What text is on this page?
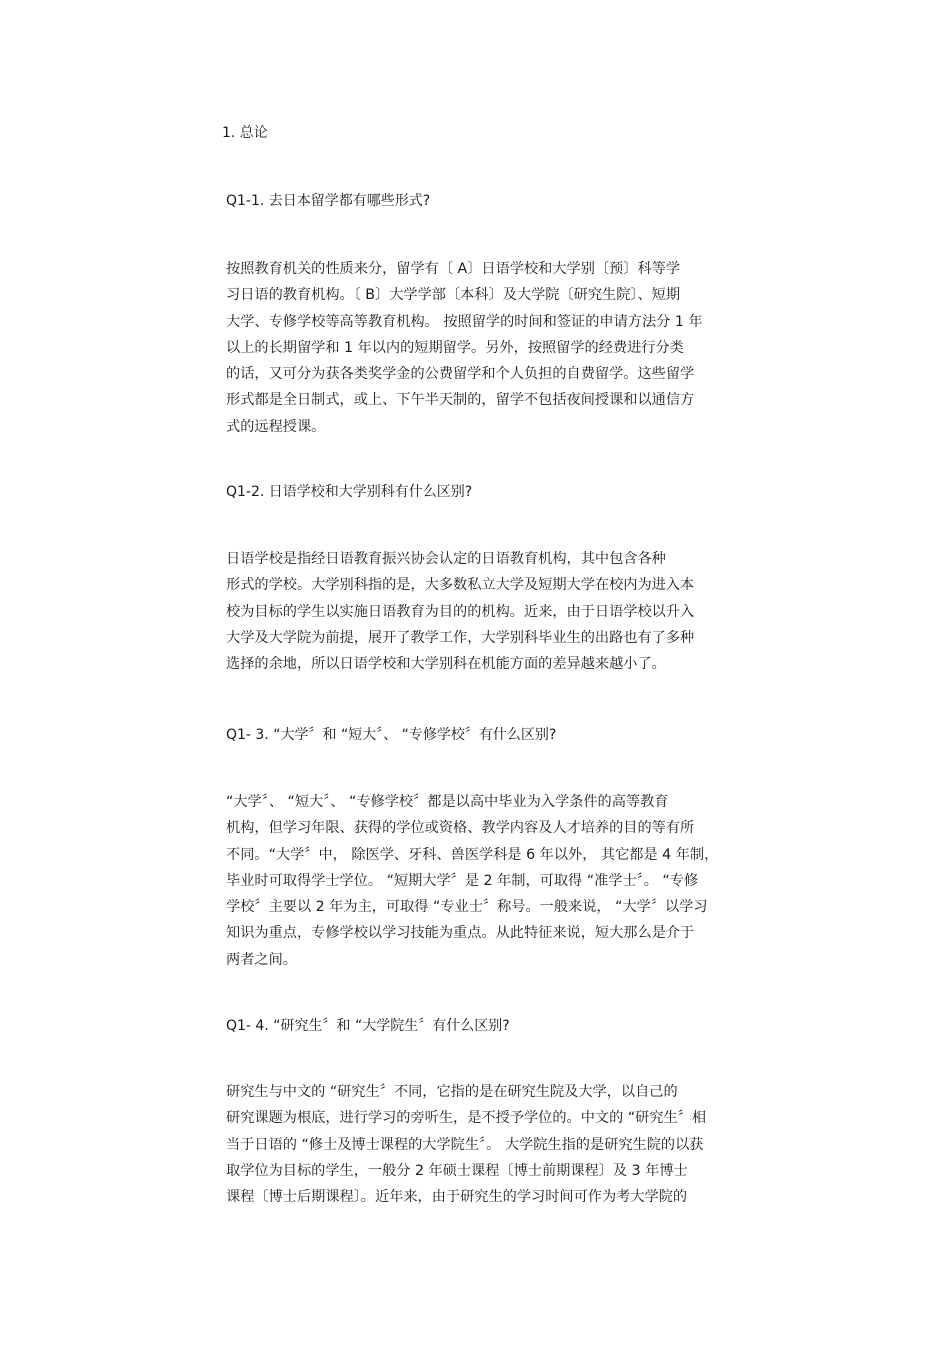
1. 总论
Q1-1. 去日本留学都有哪些形式?
按照教育机关的性质来分，留学有〔 A〕日语学校和大学别〔预〕科等学
习日语的教育机构。〔 B〕大学学部〔本科〕及大学院〔研究生院〕、短期
大学、专修学校等高等教育机构。 按照留学的时间和签证的申请方法分 1 年
以上的长期留学和 1 年以内的短期留学。另外，按照留学的经费进行分类
的话，又可分为获各类奖学金的公费留学和个人负担的自费留学。这些留学
形式都是全日制式，或上、下午半天制的，留学不包括夜间授课和以通信方
式的远程授课。
Q1-2. 日语学校和大学别科有什么区别?
日语学校是指经日语教育振兴协会认定的日语教育机构，其中包含各种
形式的学校。大学别科指的是，大多数私立大学及短期大学在校内为进入本
校为目标的学生以实施日语教育为目的的机构。近来，由于日语学校以升入
大学及大学院为前提，展开了教学工作，大学别科毕业生的出路也有了多种
选择的余地，所以日语学校和大学别科在机能方面的差异越来越小了。
Q1- 3. “大学〞和 “短大〞、 “专修学校〞有什么区别?
“大学〞、 “短大〞、 “专修学校〞都是以高中毕业为入学条件的高等教育
机构，但学习年限、获得的学位或资格、教学内容及人才培养的目的等有所
不同。“大学〞中， 除医学、牙科、兽医学科是 6 年以外， 其它都是 4 年制，
毕业时可取得学士学位。 “短期大学〞是 2 年制，可取得 “准学士〞。 “专修
学校〞主要以 2 年为主，可取得 “专业士〞称号。一般来说， “大学〞以学习
知识为重点，专修学校以学习技能为重点。从此特征来说，短大那么是介于
两者之间。
Q1- 4. “研究生〞和 “大学院生〞有什么区别?
研究生与中文的 “研究生〞不同，它指的是在研究生院及大学，以自己的
研究课题为根底，进行学习的旁听生，是不授予学位的。中文的 “研究生〞相
当于日语的 “修士及博士课程的大学院生〞。 大学院生指的是研究生院的以获
取学位为目标的学生，一般分 2 年硕士课程〔博士前期课程〕及 3 年博士
课程〔博士后期课程〕。近年来，由于研究生的学习时间可作为考大学院的
